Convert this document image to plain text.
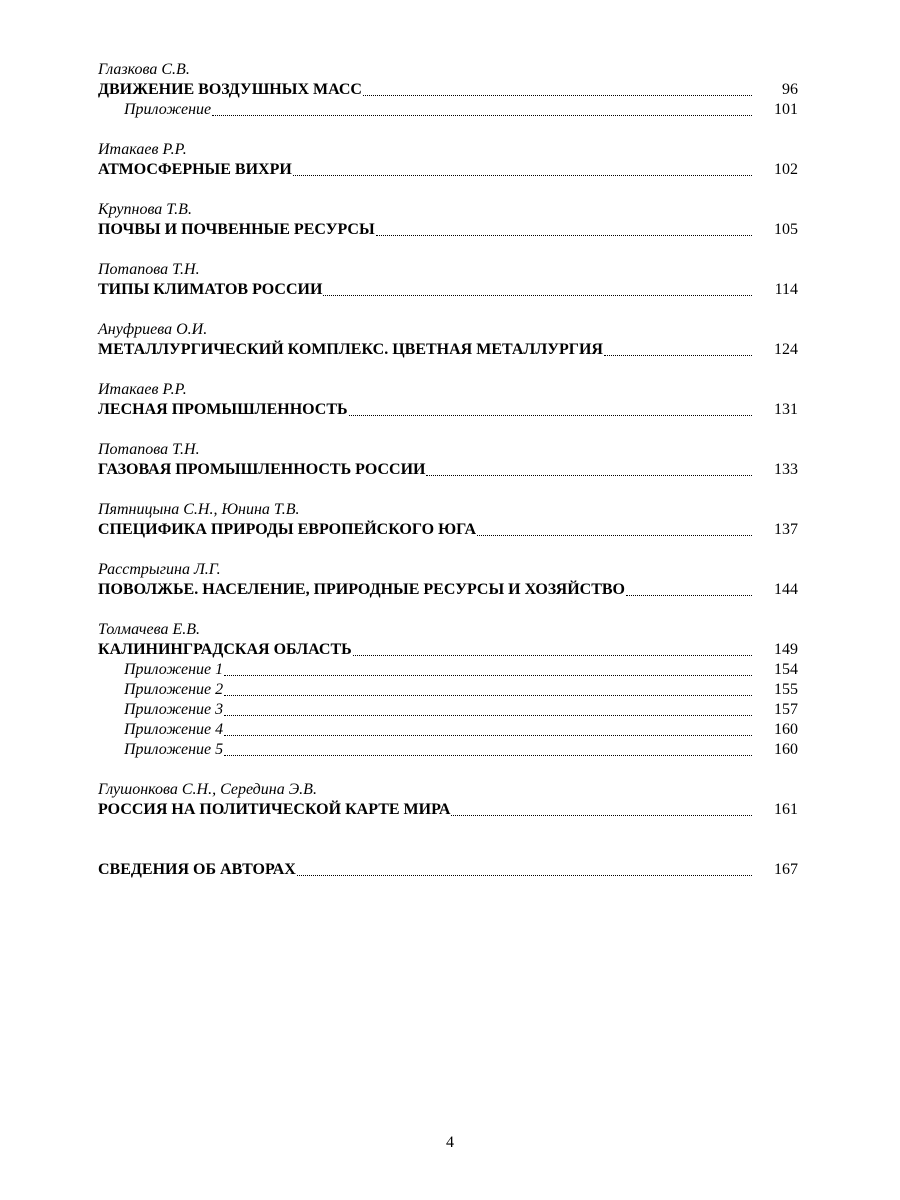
Глазкова С.В.
ДВИЖЕНИЕ ВОЗДУШНЫХ МАСС	96
Приложение	101
Итакаев Р.Р.
АТМОСФЕРНЫЕ ВИХРИ	102
Крупнова Т.В.
ПОЧВЫ И ПОЧВЕННЫЕ РЕСУРСЫ	105
Потапова Т.Н.
ТИПЫ КЛИМАТОВ РОССИИ	114
Ануфриева О.И.
МЕТАЛЛУРГИЧЕСКИЙ КОМПЛЕКС. ЦВЕТНАЯ МЕТАЛЛУРГИЯ	124
Итакаев Р.Р.
ЛЕСНАЯ ПРОМЫШЛЕННОСТЬ	131
Потапова Т.Н.
ГАЗОВАЯ ПРОМЫШЛЕННОСТЬ РОССИИ	133
Пятницына С.Н., Юнина Т.В.
СПЕЦИФИКА ПРИРОДЫ ЕВРОПЕЙСКОГО ЮГА	137
Расстрыгина Л.Г.
ПОВОЛЖЬЕ. НАСЕЛЕНИЕ, ПРИРОДНЫЕ РЕСУРСЫ И ХОЗЯЙСТВО	144
Толмачева Е.В.
КАЛИНИНГРАДСКАЯ ОБЛАСТЬ	149
Приложение 1	154
Приложение 2	155
Приложение 3	157
Приложение 4	160
Приложение 5	160
Глушонкова С.Н., Середина Э.В.
РОССИЯ НА ПОЛИТИЧЕСКОЙ КАРТЕ МИРА	161
СВЕДЕНИЯ ОБ АВТОРАХ	167
4
